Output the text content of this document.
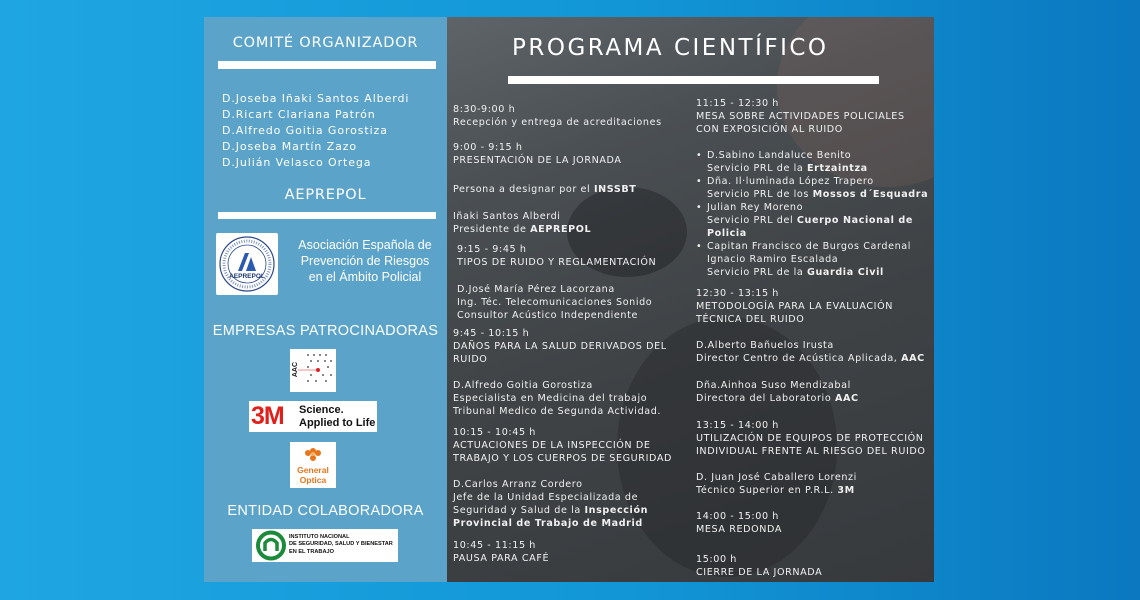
COMITÉ ORGANIZADOR
D.Joseba Iñaki Santos Alberdi
D.Ricart Clariana Patrón
D.Alfredo Goitia Gorostiza
D.Joseba Martín Zazo
D.Julián Velasco Ortega
AEPREPOL
AEPREPOL
Asociación Española de
Prevención de Riesgos
en el Ámbito Policial
EMPRESAS PATROCINADORAS
AAC
3M Science.
Applied to Life
General
Optica
ENTIDAD COLABORADORA
INSTITUTO NACIONAL
DE SEGURIDAD, SALUD Y BIENESTAR
EN EL TRABAJO
PROGRAMA CIENTÍFICO
8:30-9:00 h
Recepción y entrega de acreditaciones
9:00 - 9:15 h
PRESENTACIÓN DE LA JORNADA
Persona a designar por el INSSBT
Iñaki Santos Alberdi
Presidente de AEPREPOL
9:15 - 9:45 h
TIPOS DE RUIDO Y REGLAMENTACIÓN
D.José María Pérez Lacorzana
Ing. Téc. Telecomunicaciones Sonido
Consultor Acústico Independiente
9:45 - 10:15 h
DAÑOS PARA LA SALUD DERIVADOS DEL
RUIDO
D.Alfredo Goitia Gorostiza
Especialista en Medicina del trabajo
Tribunal Medico de Segunda Actividad.
10:15 - 10:45 h
ACTUACIONES DE LA INSPECCIÓN DE
TRABAJO Y LOS CUERPOS DE SEGURIDAD
D.Carlos Arranz Cordero
Jefe de la Unidad Especializada de
Seguridad y Salud de la Inspección
Provincial de Trabajo de Madrid
10:45 - 11:15 h
PAUSA PARA CAFÉ
11:15 - 12:30 h
MESA SOBRE ACTIVIDADES POLICIALES
CON EXPOSICIÓN AL RUIDO
• D.Sabino Landaluce Benito
Servicio PRL de la Ertzaintza
• Dña. Il·luminada López Trapero
Servicio PRL de los Mossos d´Esquadra
• Julian Rey Moreno
Servicio PRL del Cuerpo Nacional de
Policia
• Capitan Francisco de Burgos Cardenal
Ignacio Ramiro Escalada
Servicio PRL de la Guardia Civil
12:30 - 13:15 h
METODOLOGÍA PARA LA EVALUACIÓN
TÉCNICA DEL RUIDO
D.Alberto Bañuelos Irusta
Director Centro de Acústica Aplicada, AAC
Dña.Ainhoa Suso Mendizabal
Directora del Laboratorio AAC
13:15 - 14:00 h
UTILIZACIÓN DE EQUIPOS DE PROTECCIÓN
INDIVIDUAL FRENTE AL RIESGO DEL RUIDO
D. Juan José Caballero Lorenzi
Técnico Superior en P.R.L. 3M
14:00 - 15:00 h
MESA REDONDA
15:00 h
CIERRE DE LA JORNADA
